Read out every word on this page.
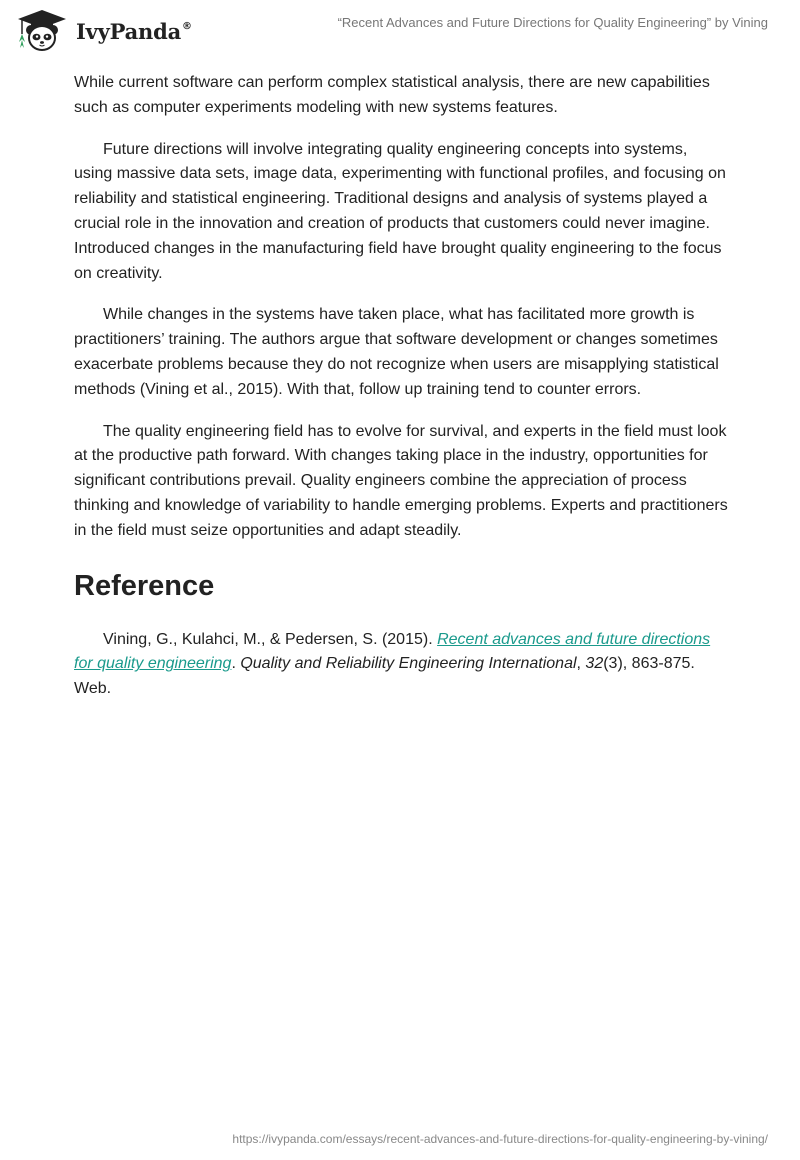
IvyPanda®	“Recent Advances and Future Directions for Quality Engineering” by Vining

While current software can perform complex statistical analysis, there are new capabilities such as computer experiments modeling with new systems features.

Future directions will involve integrating quality engineering concepts into systems, using massive data sets, image data, experimenting with functional profiles, and focusing on reliability and statistical engineering. Traditional designs and analysis of systems played a crucial role in the innovation and creation of products that customers could never imagine. Introduced changes in the manufacturing field have brought quality engineering to the focus on creativity.

While changes in the systems have taken place, what has facilitated more growth is practitioners’ training. The authors argue that software development or changes sometimes exacerbate problems because they do not recognize when users are misapplying statistical methods (Vining et al., 2015). With that, follow up training tend to counter errors.

The quality engineering field has to evolve for survival, and experts in the field must look at the productive path forward. With changes taking place in the industry, opportunities for significant contributions prevail. Quality engineers combine the appreciation of process thinking and knowledge of variability to handle emerging problems. Experts and practitioners in the field must seize opportunities and adapt steadily.

Reference

Vining, G., Kulahci, M., & Pedersen, S. (2015). Recent advances and future directions for quality engineering. Quality and Reliability Engineering International, 32(3), 863-875. Web.

https://ivypanda.com/essays/recent-advances-and-future-directions-for-quality-engineering-by-vining/
